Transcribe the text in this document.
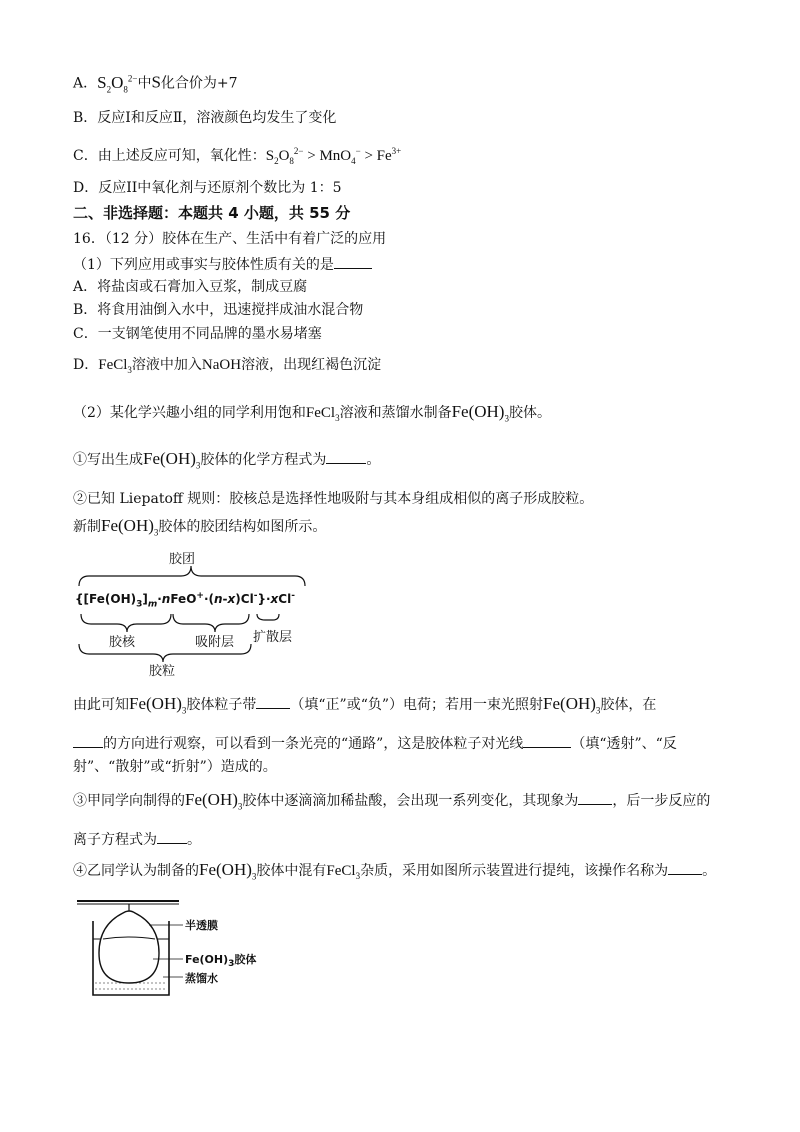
A．$S_2O_8^{2-}$中S化合价为+7
B．反应Ⅰ和反应Ⅱ，溶液颜色均发生了变化
C．由上述反应可知，氧化性：$S_2O_8^{2-} > MnO_4^- > Fe^{3+}$
D．反应II中氧化剂与还原剂个数比为 1：5
二、非选择题：本题共 4 小题，共 55 分
16．（12 分）胶体在生产、生活中有着广泛的应用
（1）下列应用或事实与胶体性质有关的是
A．将盐卤或石膏加入豆浆，制成豆腐
B．将食用油倒入水中，迅速搅拌成油水混合物
C．一支钢笔使用不同品牌的墨水易堵塞
D．FeCl$_3$溶液中加入NaOH溶液，出现红褐色沉淀
（2）某化学兴趣小组的同学利用饱和FeCl$_3$溶液和蒸馏水制备$Fe(OH)_3$胶体。
①写出生成$Fe(OH)_3$胶体的化学方程式为	。
②已知 Liepatoff 规则：胶核总是选择性地吸附与其本身组成相似的离子形成胶粒。
新制$Fe(OH)_3$胶体的胶团结构如图所示。
胶团
$\{[Fe(OH)_3]_m\cdot nFeO^+\cdot(n-x)Cl^-\}\cdot xCl^-$
胶核	吸附层 扩散层
胶粒
由此可知$Fe(OH)_3$胶体粒子带 （填“正”或“负”）电荷；若用一束光照射$Fe(OH)_3$胶体，在
的方向进行观察，可以看到一条光亮的“通路”，这是胶体粒子对光线	（填“透射”、“反
射”、“散射”或“折射”）造成的。
③甲同学向制得的$Fe(OH)_3$胶体中逐滴滴加稀盐酸，会出现一系列变化，其现象为 ，后一步反应的
离子方程式为 。
④乙同学认为制备的$Fe(OH)_3$胶体中混有FeCl$_3$杂质，采用如图所示装置进行提纯，该操作名称为 。
半透膜
$Fe(OH)_3$胶体
蒸馏水
